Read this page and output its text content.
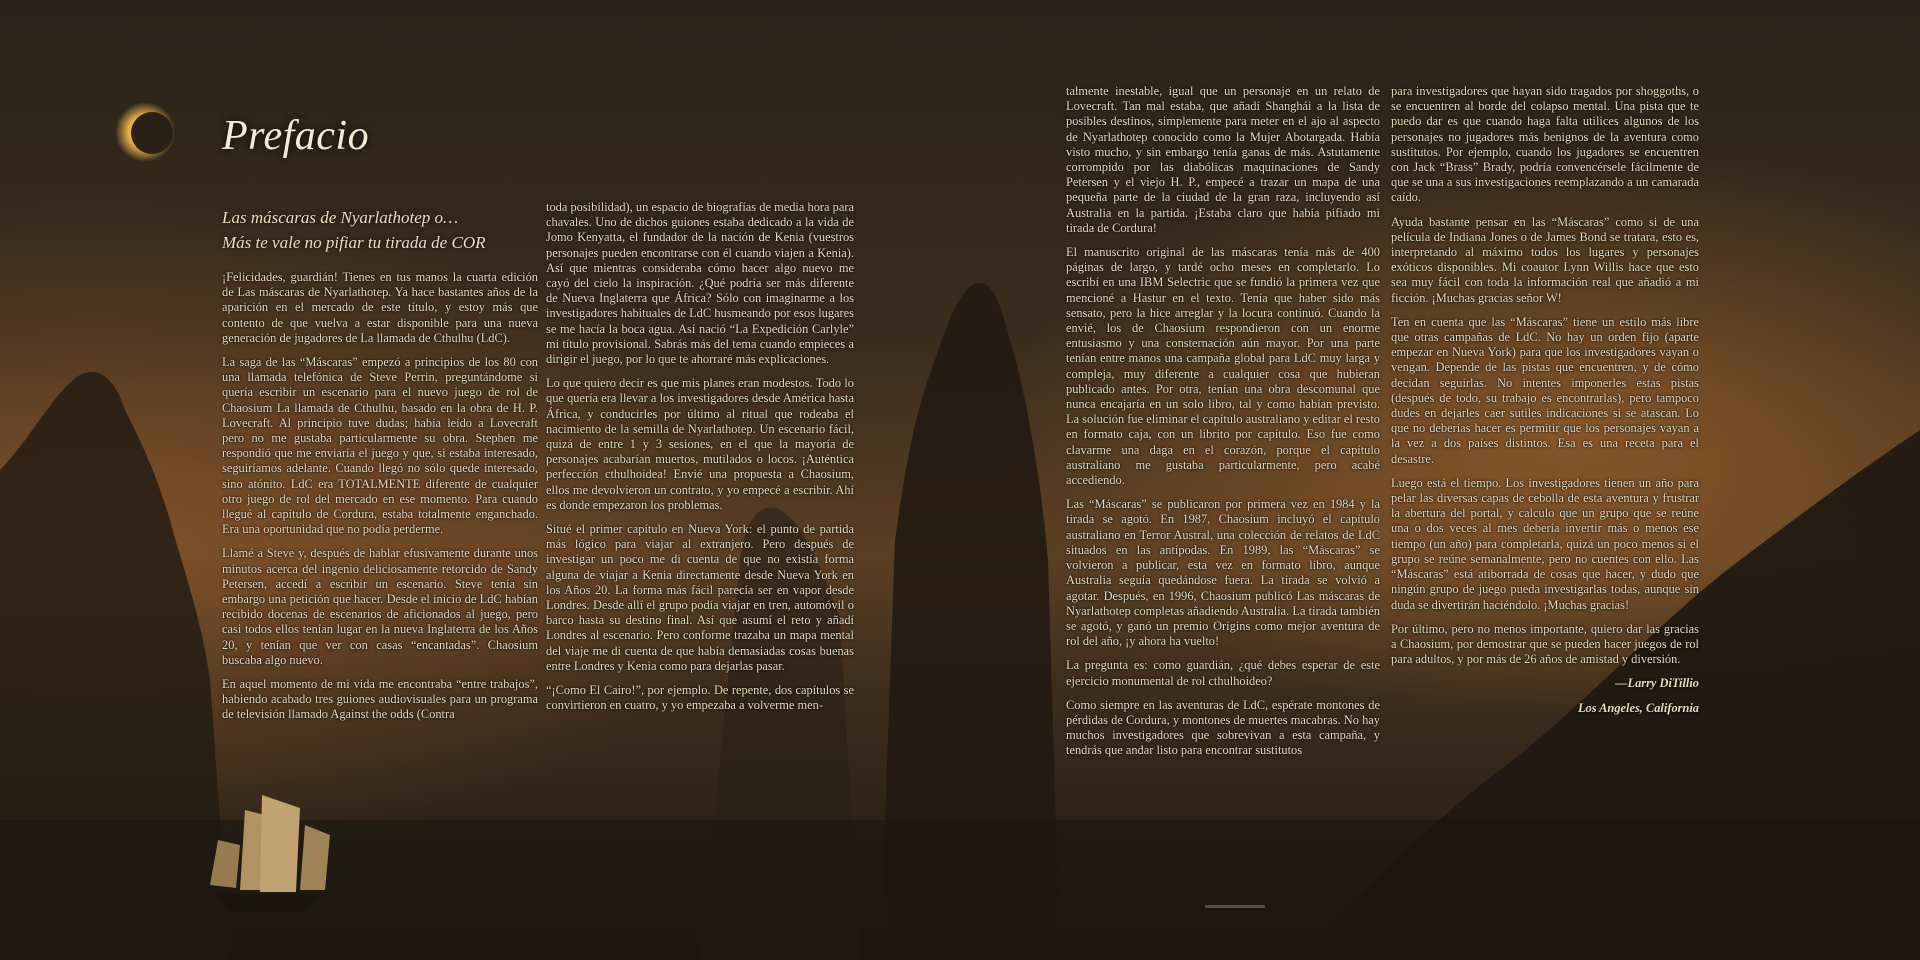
Prefacio
Las máscaras de Nyarlathotep o…
Más te vale no pifiar tu tirada de COR

¡Felicidades, guardián! Tienes en tus manos la cuarta edición de Las máscaras de Nyarlathotep. Ya hace bastantes años de la aparición en el mercado de este título, y estoy más que contento de que vuelva a estar disponible para una nueva generación de jugadores de La llamada de Cthulhu (LdC).

La saga de las “Máscaras” empezó a principios de los 80 con una llamada telefónica de Steve Perrin, preguntándome si quería escribir un escenario para el nuevo juego de rol de Chaosium La llamada de Cthulhu, basado en la obra de H. P. Lovecraft. Al principio tuve dudas; había leído a Lovecraft pero no me gustaba particularmente su obra. Stephen me respondió que me enviaría el juego y que, si estaba interesado, seguiríamos adelante. Cuando llegó no sólo quede interesado, sino atónito. LdC era TOTALMENTE diferente de cualquier otro juego de rol del mercado en ese momento. Para cuando llegué al capítulo de Cordura, estaba totalmente enganchado. Era una oportunidad que no podía perderme.

Llamé a Steve y, después de hablar efusivamente durante unos minutos acerca del ingenio deliciosamente retorcido de Sandy Petersen, accedí a escribir un escenario. Steve tenía sin embargo una petición que hacer. Desde el inicio de LdC habían recibido docenas de escenarios de aficionados al juego, pero casi todos ellos tenían lugar en la nueva Inglaterra de los Años 20, y tenían que ver con casas “encantadas”. Chaosium buscaba algo nuevo.

En aquel momento de mi vida me encontraba “entre trabajos”, habiendo acabado tres guiones audiovisuales para un programa de televisión llamado Against the odds (Contra

toda posibilidad), un espacio de biografías de media hora para chavales. Uno de dichos guiones estaba dedicado a la vida de Jomo Kenyatta, el fundador de la nación de Kenia (vuestros personajes pueden encontrarse con él cuando viajen a Kenia). Así que mientras consideraba cómo hacer algo nuevo me cayó del cielo la inspiración. ¿Qué podría ser más diferente de Nueva Inglaterra que África? Sólo con imaginarme a los investigadores habituales de LdC husmeando por esos lugares se me hacía la boca agua. Así nació “La Expedición Carlyle” mi título provisional. Sabrás más del tema cuando empieces a dirigir el juego, por lo que te ahorraré más explicaciones.

Lo que quiero decir es que mis planes eran modestos. Todo lo que quería era llevar a los investigadores desde América hasta África, y conducirles por último al ritual que rodeaba el nacimiento de la semilla de Nyarlathotep. Un escenario fácil, quizá de entre 1 y 3 sesiones, en el que la mayoría de personajes acabarían muertos, mutilados o locos. ¡Auténtica perfección cthulhoidea! Envié una propuesta a Chaosium, ellos me devolvieron un contrato, y yo empecé a escribir. Ahí es donde empezaron los problemas.

Situé el primer capítulo en Nueva York: el punto de partida más lógico para viajar al extranjero. Pero después de investigar un poco me di cuenta de que no existía forma alguna de viajar a Kenia directamente desde Nueva York en los Años 20. La forma más fácil parecía ser en vapor desde Londres. Desde allí el grupo podía viajar en tren, automóvil o barco hasta su destino final. Así que asumí el reto y añadí Londres al escenario. Pero conforme trazaba un mapa mental del viaje me di cuenta de que había demasiadas cosas buenas entre Londres y Kenia como para dejarlas pasar.

“¡Como El Cairo!”, por ejemplo. De repente, dos capítulos se convirtieron en cuatro, y yo empezaba a volverme men-

talmente inestable, igual que un personaje en un relato de Lovecraft. Tan mal estaba, que añadí Shanghái a la lista de posibles destinos, simplemente para meter en el ajo al aspecto de Nyarlathotep conocido como la Mujer Abotargada. Había visto mucho, y sin embargo tenía ganas de más. Astutamente corrompido por las diabólicas maquinaciones de Sandy Petersen y el viejo H. P., empecé a trazar un mapa de una pequeña parte de la ciudad de la gran raza, incluyendo así Australia en la partida. ¡Estaba claro que había pifiado mi tirada de Cordura!

El manuscrito original de las máscaras tenía más de 400 páginas de largo, y tardé ocho meses en completarlo. Lo escribí en una IBM Selectric que se fundió la primera vez que mencioné a Hastur en el texto. Tenía que haber sido más sensato, pero la hice arreglar y la locura continuó. Cuando la envié, los de Chaosium respondieron con un enorme entusiasmo y una consternación aún mayor. Por una parte tenían entre manos una campaña global para LdC muy larga y compleja, muy diferente a cualquier cosa que hubieran publicado antes. Por otra, tenían una obra descomunal que nunca encajaría en un solo libro, tal y como habían previsto. La solución fue eliminar el capítulo australiano y editar el resto en formato caja, con un librito por capítulo. Eso fue como clavarme una daga en el corazón, porque el capítulo australiano me gustaba particularmente, pero acabé accediendo.

Las “Máscaras” se publicaron por primera vez en 1984 y la tirada se agotó. En 1987, Chaosium incluyó el capítulo australiano en Terror Austral, una colección de relatos de LdC situados en las antípodas. En 1989, las “Máscaras” se volvieron a publicar, esta vez en formato libro, aunque Australia seguía quedándose fuera. La tirada se volvió a agotar. Después, en 1996, Chaosium publicó Las máscaras de Nyarlathotep completas añadiendo Australia. La tirada también se agotó, y ganó un premio Origins como mejor aventura de rol del año, ¡y ahora ha vuelto!

La pregunta es: como guardián, ¿qué debes esperar de este ejercicio monumental de rol cthulhoideo?

Como siempre en las aventuras de LdC, espérate montones de pérdidas de Cordura, y montones de muertes macabras. No hay muchos investigadores que sobrevivan a esta campaña, y tendrás que andar listo para encontrar sustitutos

para investigadores que hayan sido tragados por shoggoths, o se encuentren al borde del colapso mental. Una pista que te puedo dar es que cuando haga falta utilices algunos de los personajes no jugadores más benignos de la aventura como sustitutos. Por ejemplo, cuando los jugadores se encuentren con Jack “Brass” Brady, podría convencérsele fácilmente de que se una a sus investigaciones reemplazando a un camarada caído.

Ayuda bastante pensar en las “Máscaras” como si de una película de Indiana Jones o de James Bond se tratara, esto es, interpretando al máximo todos los lugares y personajes exóticos disponibles. Mi coautor Lynn Willis hace que esto sea muy fácil con toda la información real que añadió a mi ficción. ¡Muchas gracias señor W!

Ten en cuenta que las “Máscaras” tiene un estilo más libre que otras campañas de LdC. No hay un orden fijo (aparte empezar en Nueva York) para que los investigadores vayan o vengan. Depende de las pistas que encuentren, y de cómo decidan seguirlas. No intentes imponerles estas pistas (después de todo, su trabajo es encontrarlas), pero tampoco dudes en dejarles caer sutiles indicaciones si se atascan. Lo que no deberías hacer es permitir que los personajes vayan a la vez a dos países distintos. Esa es una receta para el desastre.

Luego está el tiempo. Los investigadores tienen un año para pelar las diversas capas de cebolla de esta aventura y frustrar la abertura del portal, y calculo que un grupo que se reúne una o dos veces al mes debería invertir más o menos ese tiempo (un año) para completarla, quizá un poco menos si el grupo se reúne semanalmente, pero no cuentes con ello. Las “Máscaras” está atiborrada de cosas que hacer, y dudo que ningún grupo de juego pueda investigarlas todas, aunque sin duda se divertirán haciéndolo. ¡Muchas gracias!

Por último, pero no menos importante, quiero dar las gracias a Chaosium, por demostrar que se pueden hacer juegos de rol para adultos, y por más de 26 años de amistad y diversión.

—Larry DiTillio

Los Angeles, California
